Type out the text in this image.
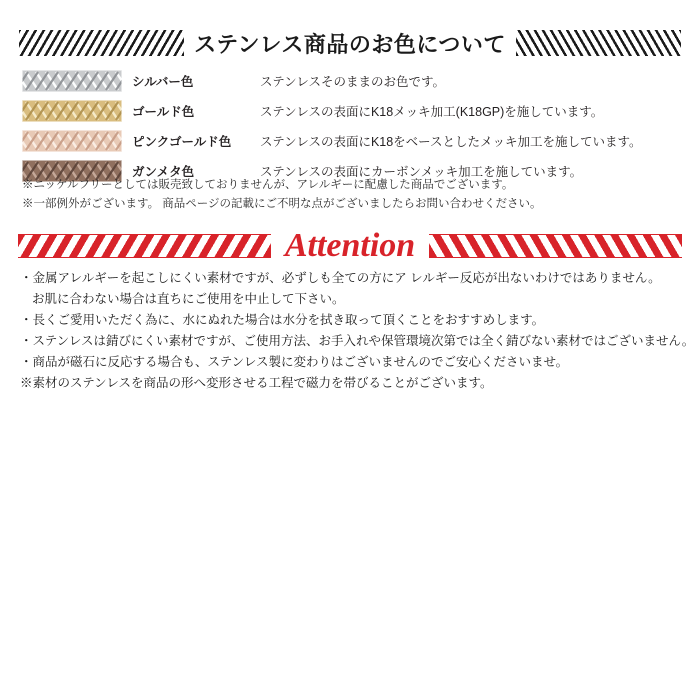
ステンレス商品のお色について
シルバー色	ステンレスそのままのお色です。
ゴールド色	ステンレスの表面にK18メッキ加工(K18GP)を施しています。
ピンクゴールド色	ステンレスの表面にK18をベースとしたメッキ加工を施しています。
ガンメタ色	ステンレスの表面にカーボンメッキ加工を施しています。
※ニッケルフリーとしては販売致しておりませんが、アレルギーに配慮した商品でございます。
※一部例外がございます。 商品ページの記載にご不明な点がございましたらお問い合わせください。
Attention
・金属アレルギーを起こしにくい素材ですが、必ずしも全ての方にア レルギー反応が出ないわけではありません。
お肌に合わない場合は直ちにご使用を中止して下さい。
・長くご愛用いただく為に、水にぬれた場合は水分を拭き取って頂くことをおすすめします。
・ステンレスは錆びにくい素材ですが、ご使用方法、お手入れや保管環境次第では全く錆びない素材ではございません。
・商品が磁石に反応する場合も、ステンレス製に変わりはございませんのでご安心くださいませ。
※素材のステンレスを商品の形へ変形させる工程で磁力を帯びることがございます。
